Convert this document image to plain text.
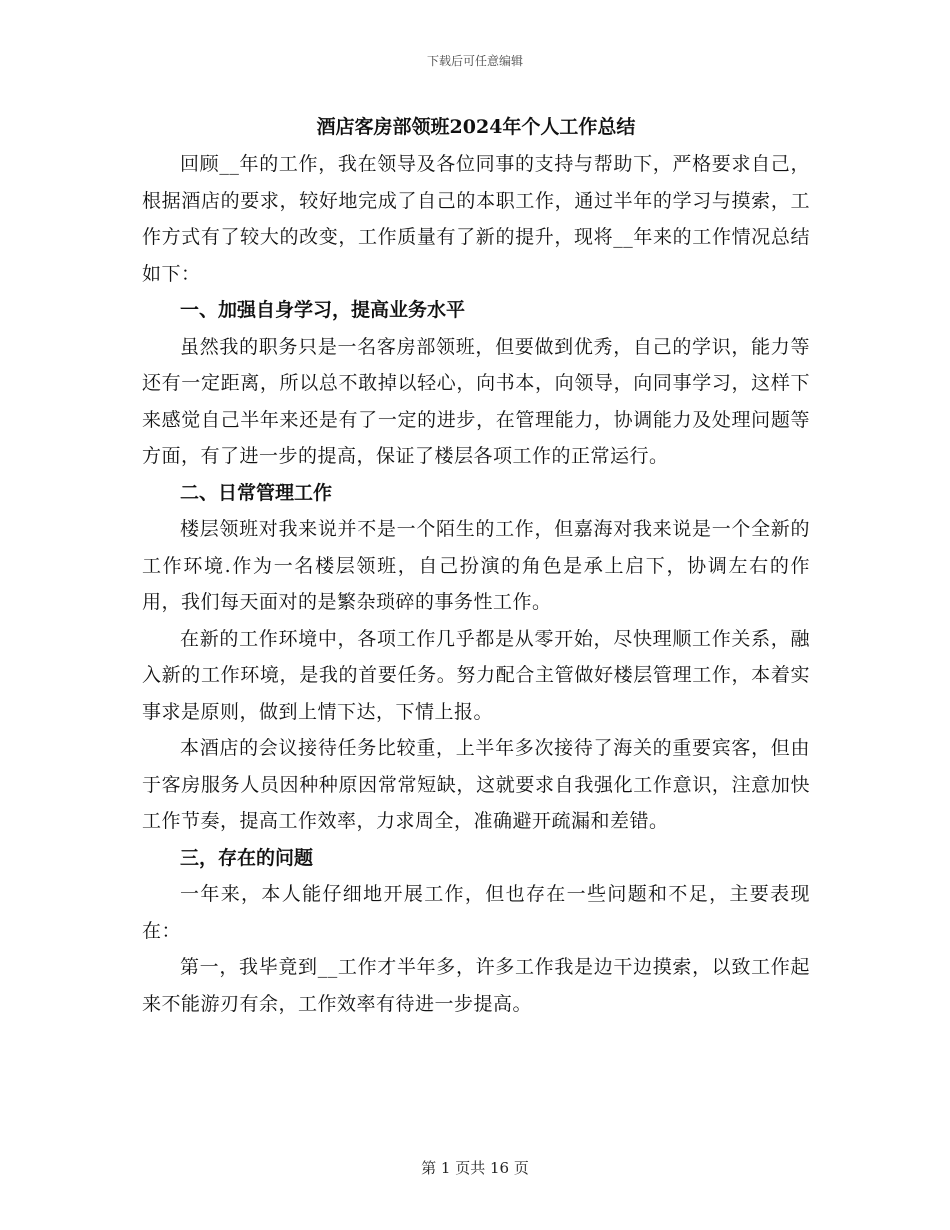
下载后可任意编辑
酒店客房部领班2024年个人工作总结
回顾__年的工作，我在领导及各位同事的支持与帮助下，严格要求自己，根据酒店的要求，较好地完成了自己的本职工作，通过半年的学习与摸索，工作方式有了较大的改变，工作质量有了新的提升，现将__年来的工作情况总结如下：
一、加强自身学习，提高业务水平
虽然我的职务只是一名客房部领班，但要做到优秀，自己的学识，能力等还有一定距离，所以总不敢掉以轻心，向书本，向领导，向同事学习，这样下来感觉自己半年来还是有了一定的进步，在管理能力，协调能力及处理问题等方面，有了进一步的提高，保证了楼层各项工作的正常运行。
二、日常管理工作
楼层领班对我来说并不是一个陌生的工作，但嘉海对我来说是一个全新的工作环境.作为一名楼层领班，自己扮演的角色是承上启下，协调左右的作用，我们每天面对的是繁杂琐碎的事务性工作。
在新的工作环境中，各项工作几乎都是从零开始，尽快理顺工作关系，融入新的工作环境，是我的首要任务。努力配合主管做好楼层管理工作，本着实事求是原则，做到上情下达，下情上报。
本酒店的会议接待任务比较重，上半年多次接待了海关的重要宾客，但由于客房服务人员因种种原因常常短缺，这就要求自我强化工作意识，注意加快工作节奏，提高工作效率，力求周全，准确避开疏漏和差错。
三，存在的问题
一年来，本人能仔细地开展工作，但也存在一些问题和不足，主要表现在：
第一，我毕竟到__工作才半年多，许多工作我是边干边摸索，以致工作起来不能游刃有余，工作效率有待进一步提高。
第 1 页共 16 页
